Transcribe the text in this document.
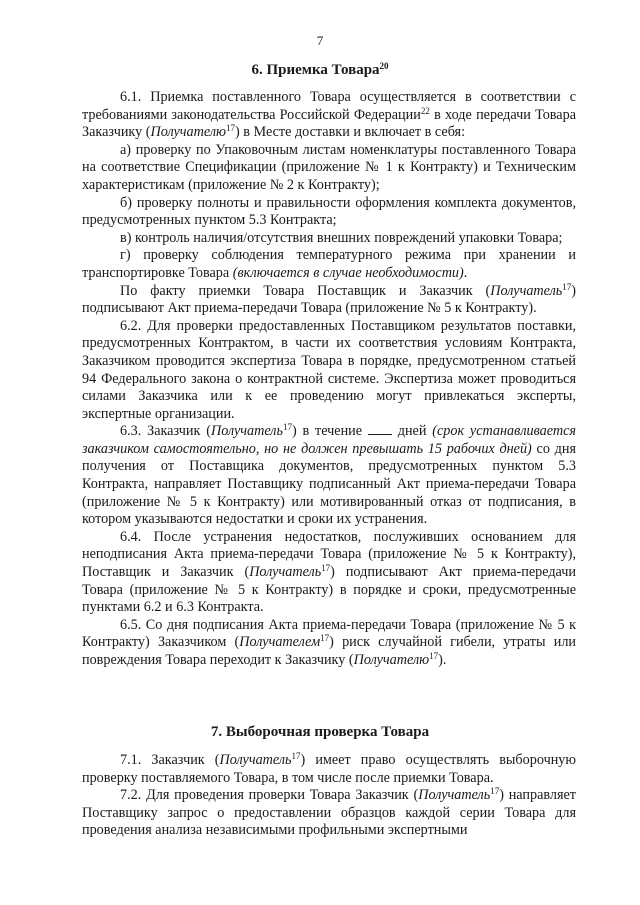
7
6. Приемка Товара$^{20}$

6.1. Приемка поставленного Товара осуществляется в соответствии с требованиями законодательства Российской Федерации$^{22}$ в ходе передачи Товара Заказчику (Получателю$^{17}$) в Месте доставки и включает в себя:

а) проверку по Упаковочным листам номенклатуры поставленного Товара на соответствие Спецификации (приложение № 1 к Контракту) и Техническим характеристикам (приложение № 2 к Контракту);

б) проверку полноты и правильности оформления комплекта документов, предусмотренных пунктом 5.3 Контракта;

в) контроль наличия/отсутствия внешних повреждений упаковки Товара;

г) проверку соблюдения температурного режима при хранении и транспортировке Товара (включается в случае необходимости).

По факту приемки Товара Поставщик и Заказчик (Получатель$^{17}$) подписывают Акт приема-передачи Товара (приложение № 5 к Контракту).

6.2. Для проверки предоставленных Поставщиком результатов поставки, предусмотренных Контрактом, в части их соответствия условиям Контракта, Заказчиком проводится экспертиза Товара в порядке, предусмотренном статьей 94 Федерального закона о контрактной системе. Экспертиза может проводиться силами Заказчика или к ее проведению могут привлекаться эксперты, экспертные организации.

6.3. Заказчик (Получатель$^{17}$) в течение  дней (срок устанавливается заказчиком самостоятельно, но не должен превышать 15 рабочих дней) со дня получения от Поставщика документов, предусмотренных пунктом 5.3 Контракта, направляет Поставщику подписанный Акт приема-передачи Товара (приложение № 5 к Контракту) или мотивированный отказ от подписания, в котором указываются недостатки и сроки их устранения.

6.4. После устранения недостатков, послуживших основанием для неподписания Акта приема-передачи Товара (приложение № 5 к Контракту), Поставщик и Заказчик (Получатель$^{17}$) подписывают Акт приема-передачи Товара (приложение № 5 к Контракту) в порядке и сроки, предусмотренные пунктами 6.2 и 6.3 Контракта.

6.5. Со дня подписания Акта приема-передачи Товара (приложение № 5 к Контракту) Заказчиком (Получателем$^{17}$) риск случайной гибели, утраты или повреждения Товара переходит к Заказчику (Получателю$^{17}$).

7. Выборочная проверка Товара

7.1. Заказчик (Получатель$^{17}$) имеет право осуществлять выборочную проверку поставляемого Товара, в том числе после приемки Товара.

7.2. Для проведения проверки Товара Заказчик (Получатель$^{17}$) направляет Поставщику запрос о предоставлении образцов каждой серии Товара для проведения анализа независимыми профильными экспертными
